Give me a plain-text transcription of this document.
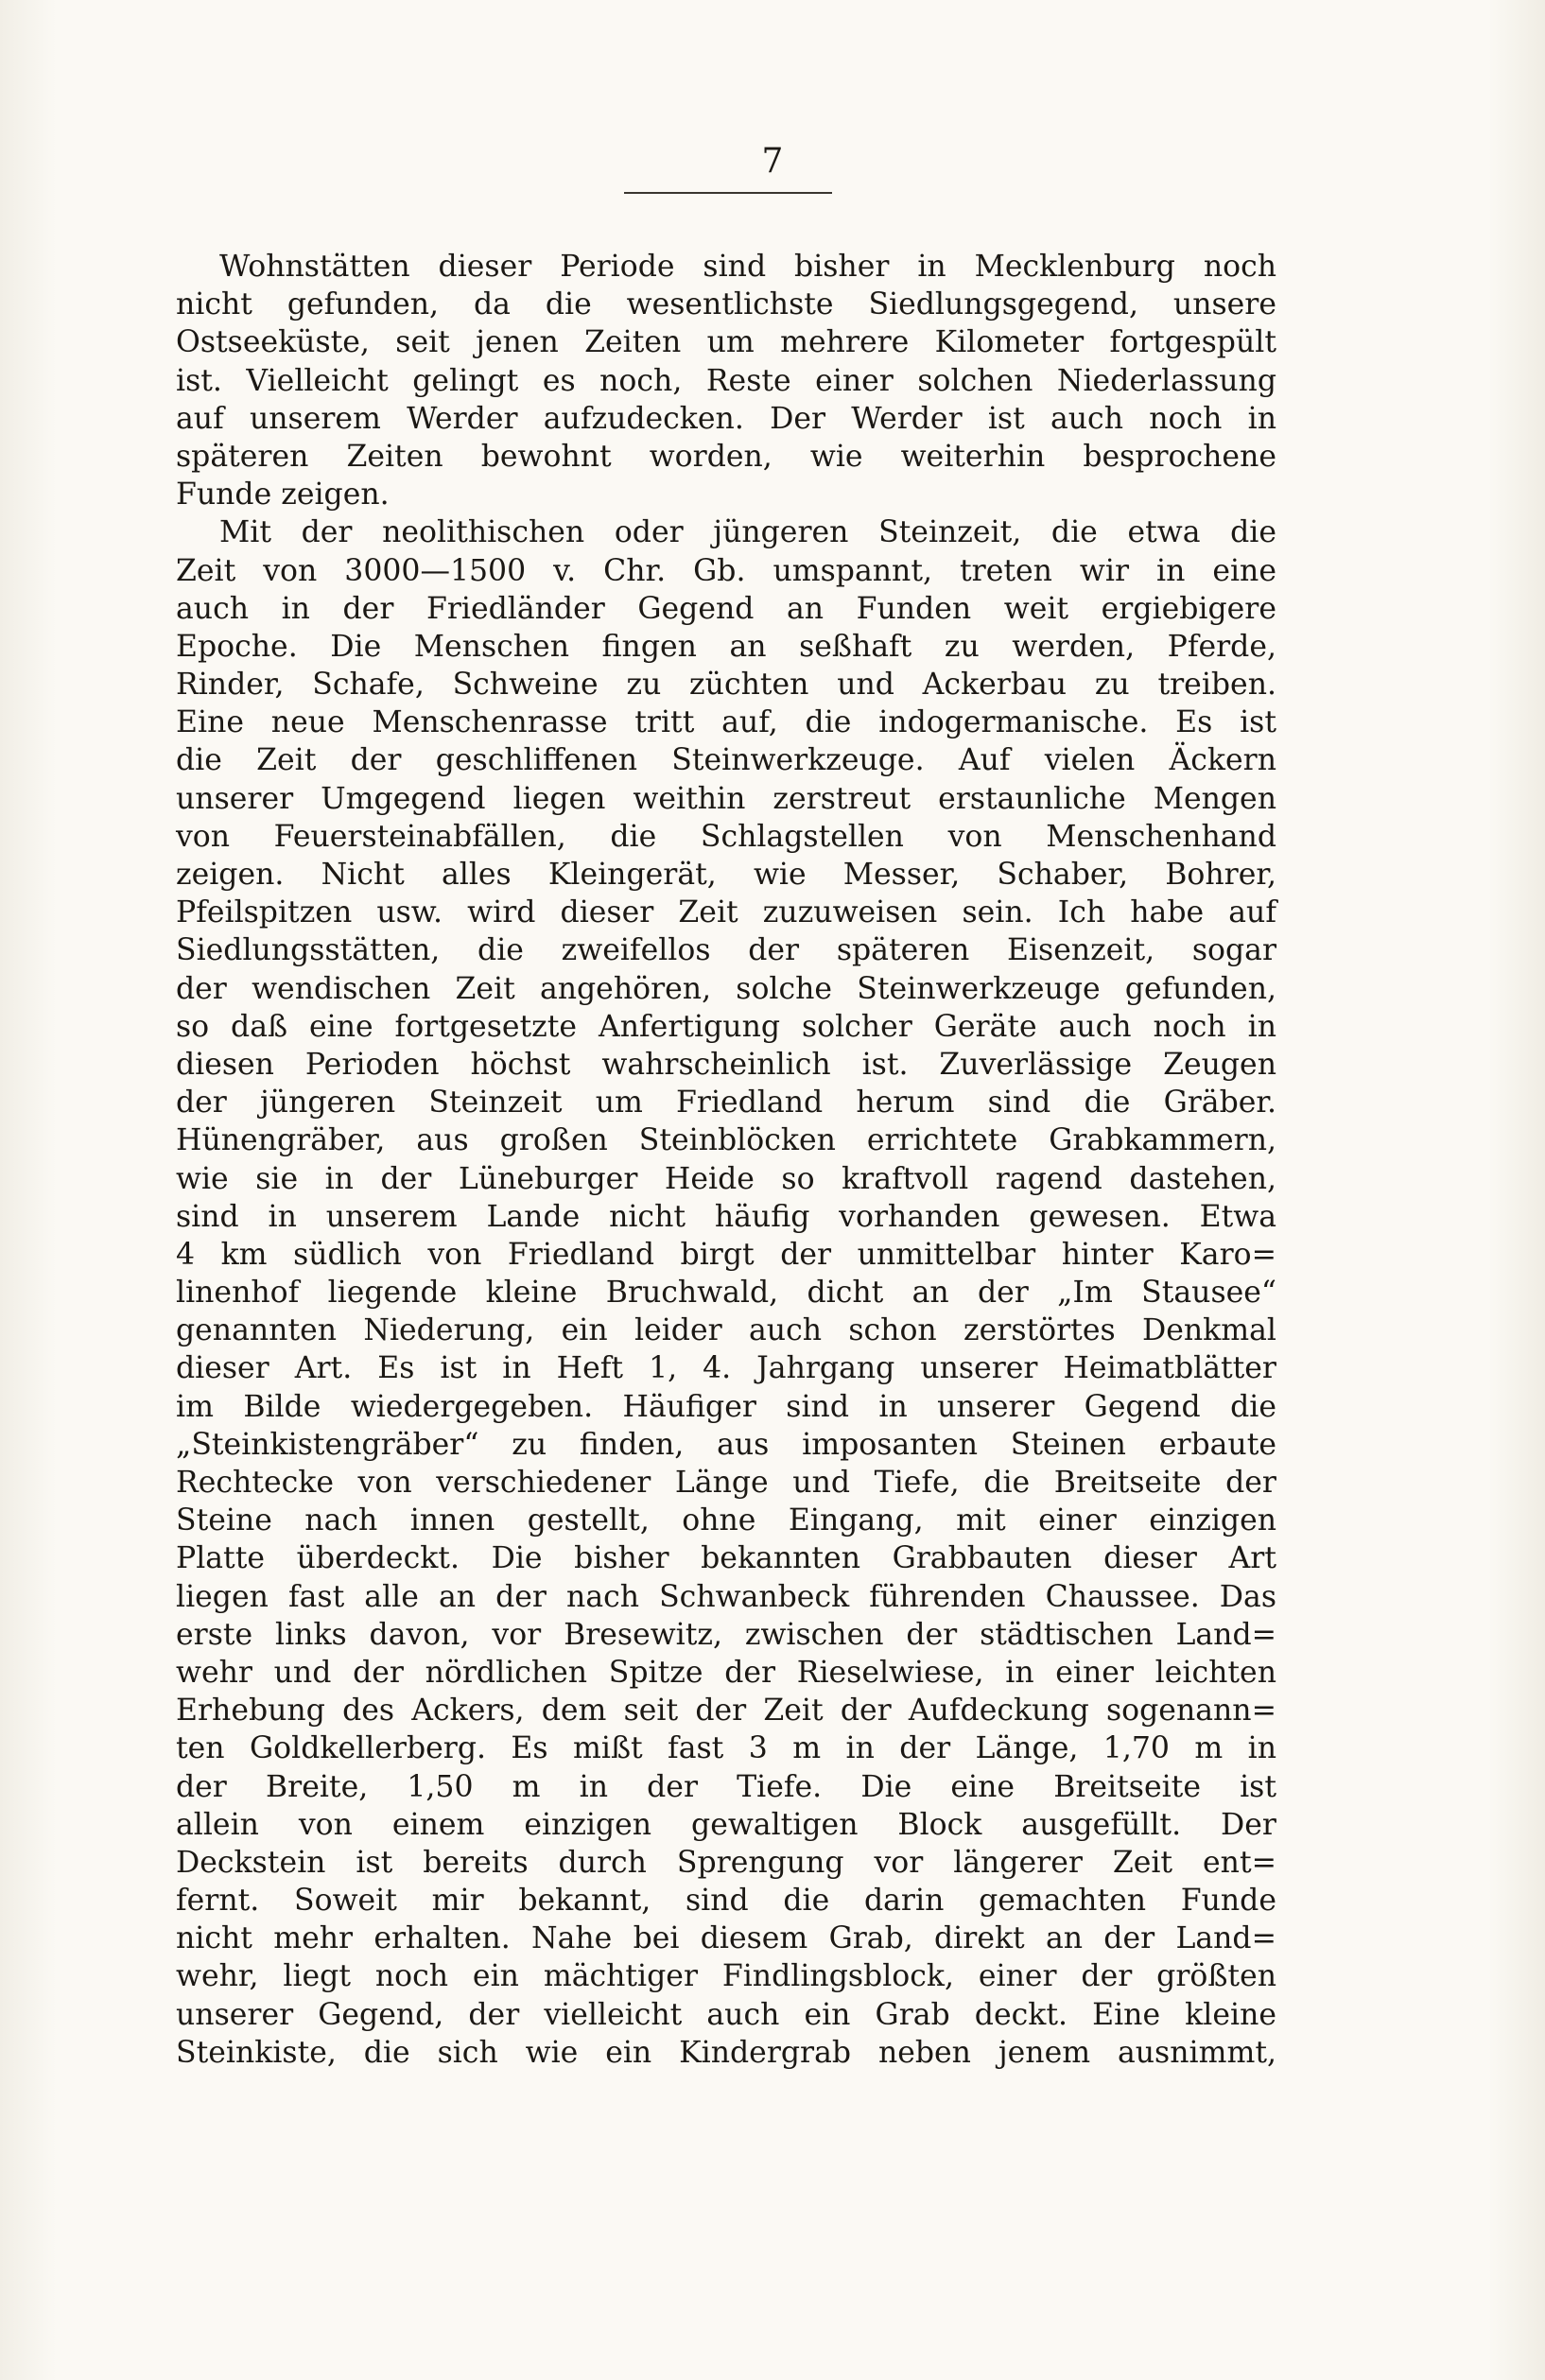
7
Wohnstätten dieser Periode sind bisher in Mecklenburg noch
nicht gefunden, da die wesentlichste Siedlungsgegend, unsere
Ostseeküste, seit jenen Zeiten um mehrere Kilometer fortgespült
ist. Vielleicht gelingt es noch, Reste einer solchen Niederlassung
auf unserem Werder aufzudecken. Der Werder ist auch noch in
späteren Zeiten bewohnt worden, wie weiterhin besprochene
Funde zeigen.
Mit der neolithischen oder jüngeren Steinzeit, die etwa die
Zeit von 3000—1500 v. Chr. Gb. umspannt, treten wir in eine
auch in der Friedländer Gegend an Funden weit ergiebigere
Epoche. Die Menschen fingen an seßhaft zu werden, Pferde,
Rinder, Schafe, Schweine zu züchten und Ackerbau zu treiben.
Eine neue Menschenrasse tritt auf, die indogermanische. Es ist
die Zeit der geschliffenen Steinwerkzeuge. Auf vielen Äckern
unserer Umgegend liegen weithin zerstreut erstaunliche Mengen
von Feuersteinabfällen, die Schlagstellen von Menschenhand
zeigen. Nicht alles Kleingerät, wie Messer, Schaber, Bohrer,
Pfeilspitzen usw. wird dieser Zeit zuzuweisen sein. Ich habe auf
Siedlungsstätten, die zweifellos der späteren Eisenzeit, sogar
der wendischen Zeit angehören, solche Steinwerkzeuge gefunden,
so daß eine fortgesetzte Anfertigung solcher Geräte auch noch in
diesen Perioden höchst wahrscheinlich ist. Zuverlässige Zeugen
der jüngeren Steinzeit um Friedland herum sind die Gräber.
Hünengräber, aus großen Steinblöcken errichtete Grabkammern,
wie sie in der Lüneburger Heide so kraftvoll ragend dastehen,
sind in unserem Lande nicht häufig vorhanden gewesen. Etwa
4 km südlich von Friedland birgt der unmittelbar hinter Karo=
linenhof liegende kleine Bruchwald, dicht an der „Im Stausee“
genannten Niederung, ein leider auch schon zerstörtes Denkmal
dieser Art. Es ist in Heft 1, 4. Jahrgang unserer Heimatblätter
im Bilde wiedergegeben. Häufiger sind in unserer Gegend die
„Steinkistengräber“ zu finden, aus imposanten Steinen erbaute
Rechtecke von verschiedener Länge und Tiefe, die Breitseite der
Steine nach innen gestellt, ohne Eingang, mit einer einzigen
Platte überdeckt. Die bisher bekannten Grabbauten dieser Art
liegen fast alle an der nach Schwanbeck führenden Chaussee. Das
erste links davon, vor Bresewitz, zwischen der städtischen Land=
wehr und der nördlichen Spitze der Rieselwiese, in einer leichten
Erhebung des Ackers, dem seit der Zeit der Aufdeckung sogenann=
ten Goldkellerberg. Es mißt fast 3 m in der Länge, 1,70 m in
der Breite, 1,50 m in der Tiefe. Die eine Breitseite ist
allein von einem einzigen gewaltigen Block ausgefüllt. Der
Deckstein ist bereits durch Sprengung vor längerer Zeit ent=
fernt. Soweit mir bekannt, sind die darin gemachten Funde
nicht mehr erhalten. Nahe bei diesem Grab, direkt an der Land=
wehr, liegt noch ein mächtiger Findlingsblock, einer der größten
unserer Gegend, der vielleicht auch ein Grab deckt. Eine kleine
Steinkiste, die sich wie ein Kindergrab neben jenem ausnimmt,
